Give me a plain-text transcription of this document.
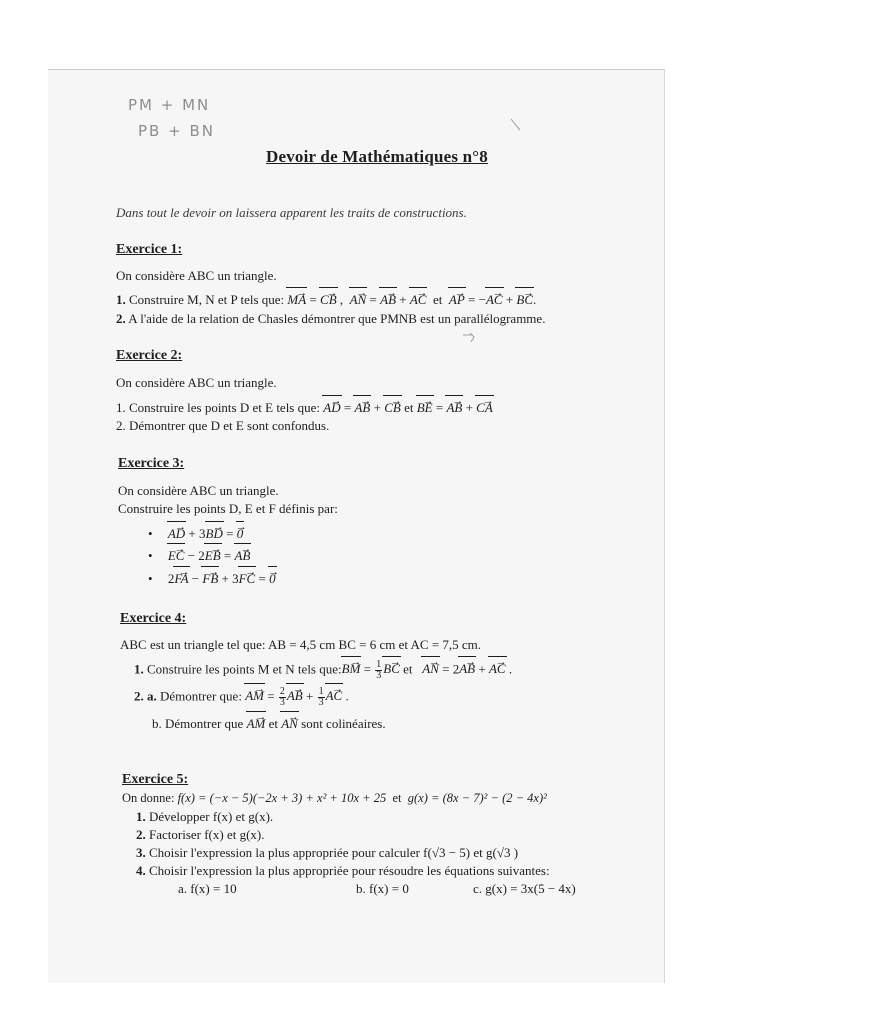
PM + MN
PB + BN
Devoir de Mathématiques n°8
Dans tout le devoir on laissera apparent les traits de constructions.
Exercice 1:
On considère ABC un triangle.
1. Construire M, N et P tels que: → MA = → CB ,  → AN = → AB + → AC  et  → AP = −→ AC + → BC.
2. A l'aide de la relation de Chasles démontrer que PMNB est un parallélogramme.
Exercice 2:
On considère ABC un triangle.
1. Construire les points D et E tels que: → AD = → AB + → CB et → BE = → AB + → CA
2. Démontrer que D et E sont confondus.
Exercice 3:
On considère ABC un triangle.
Construire les points D, E et F définis par:
• → AD + 3→ BD = → 0
• → EC − 2→ EB = → AB
• 2→ FA − → FB + 3→ FC = → 0
Exercice 4:
ABC est un triangle tel que: AB = 4,5 cm BC = 6 cm et AC = 7,5 cm.
1. Construire les points M et N tels que:→ BM = $\frac{1}{3}$ → BC et   → AN = 2→ AB + → AC .
2. a. Démontrer que: → AM = $\frac{2}{3}$ → AB + $\frac{1}{3}$ → AC .
b. Démontrer que → AM et → AN sont colinéaires.
Exercice 5:
On donne: f(x) = (−x − 5)(−2x + 3) + x² + 10x + 25 et g(x) = (8x − 7)² − (2 − 4x)²
1. Développer f(x) et g(x).
2. Factoriser f(x) et g(x).
3. Choisir l'expression la plus appropriée pour calculer f(√3 − 5) et g(√3 )
4. Choisir l'expression la plus appropriée pour résoudre les équations suivantes:
a. f(x) = 10	b. f(x) = 0	c. g(x) = 3x(5 − 4x)
